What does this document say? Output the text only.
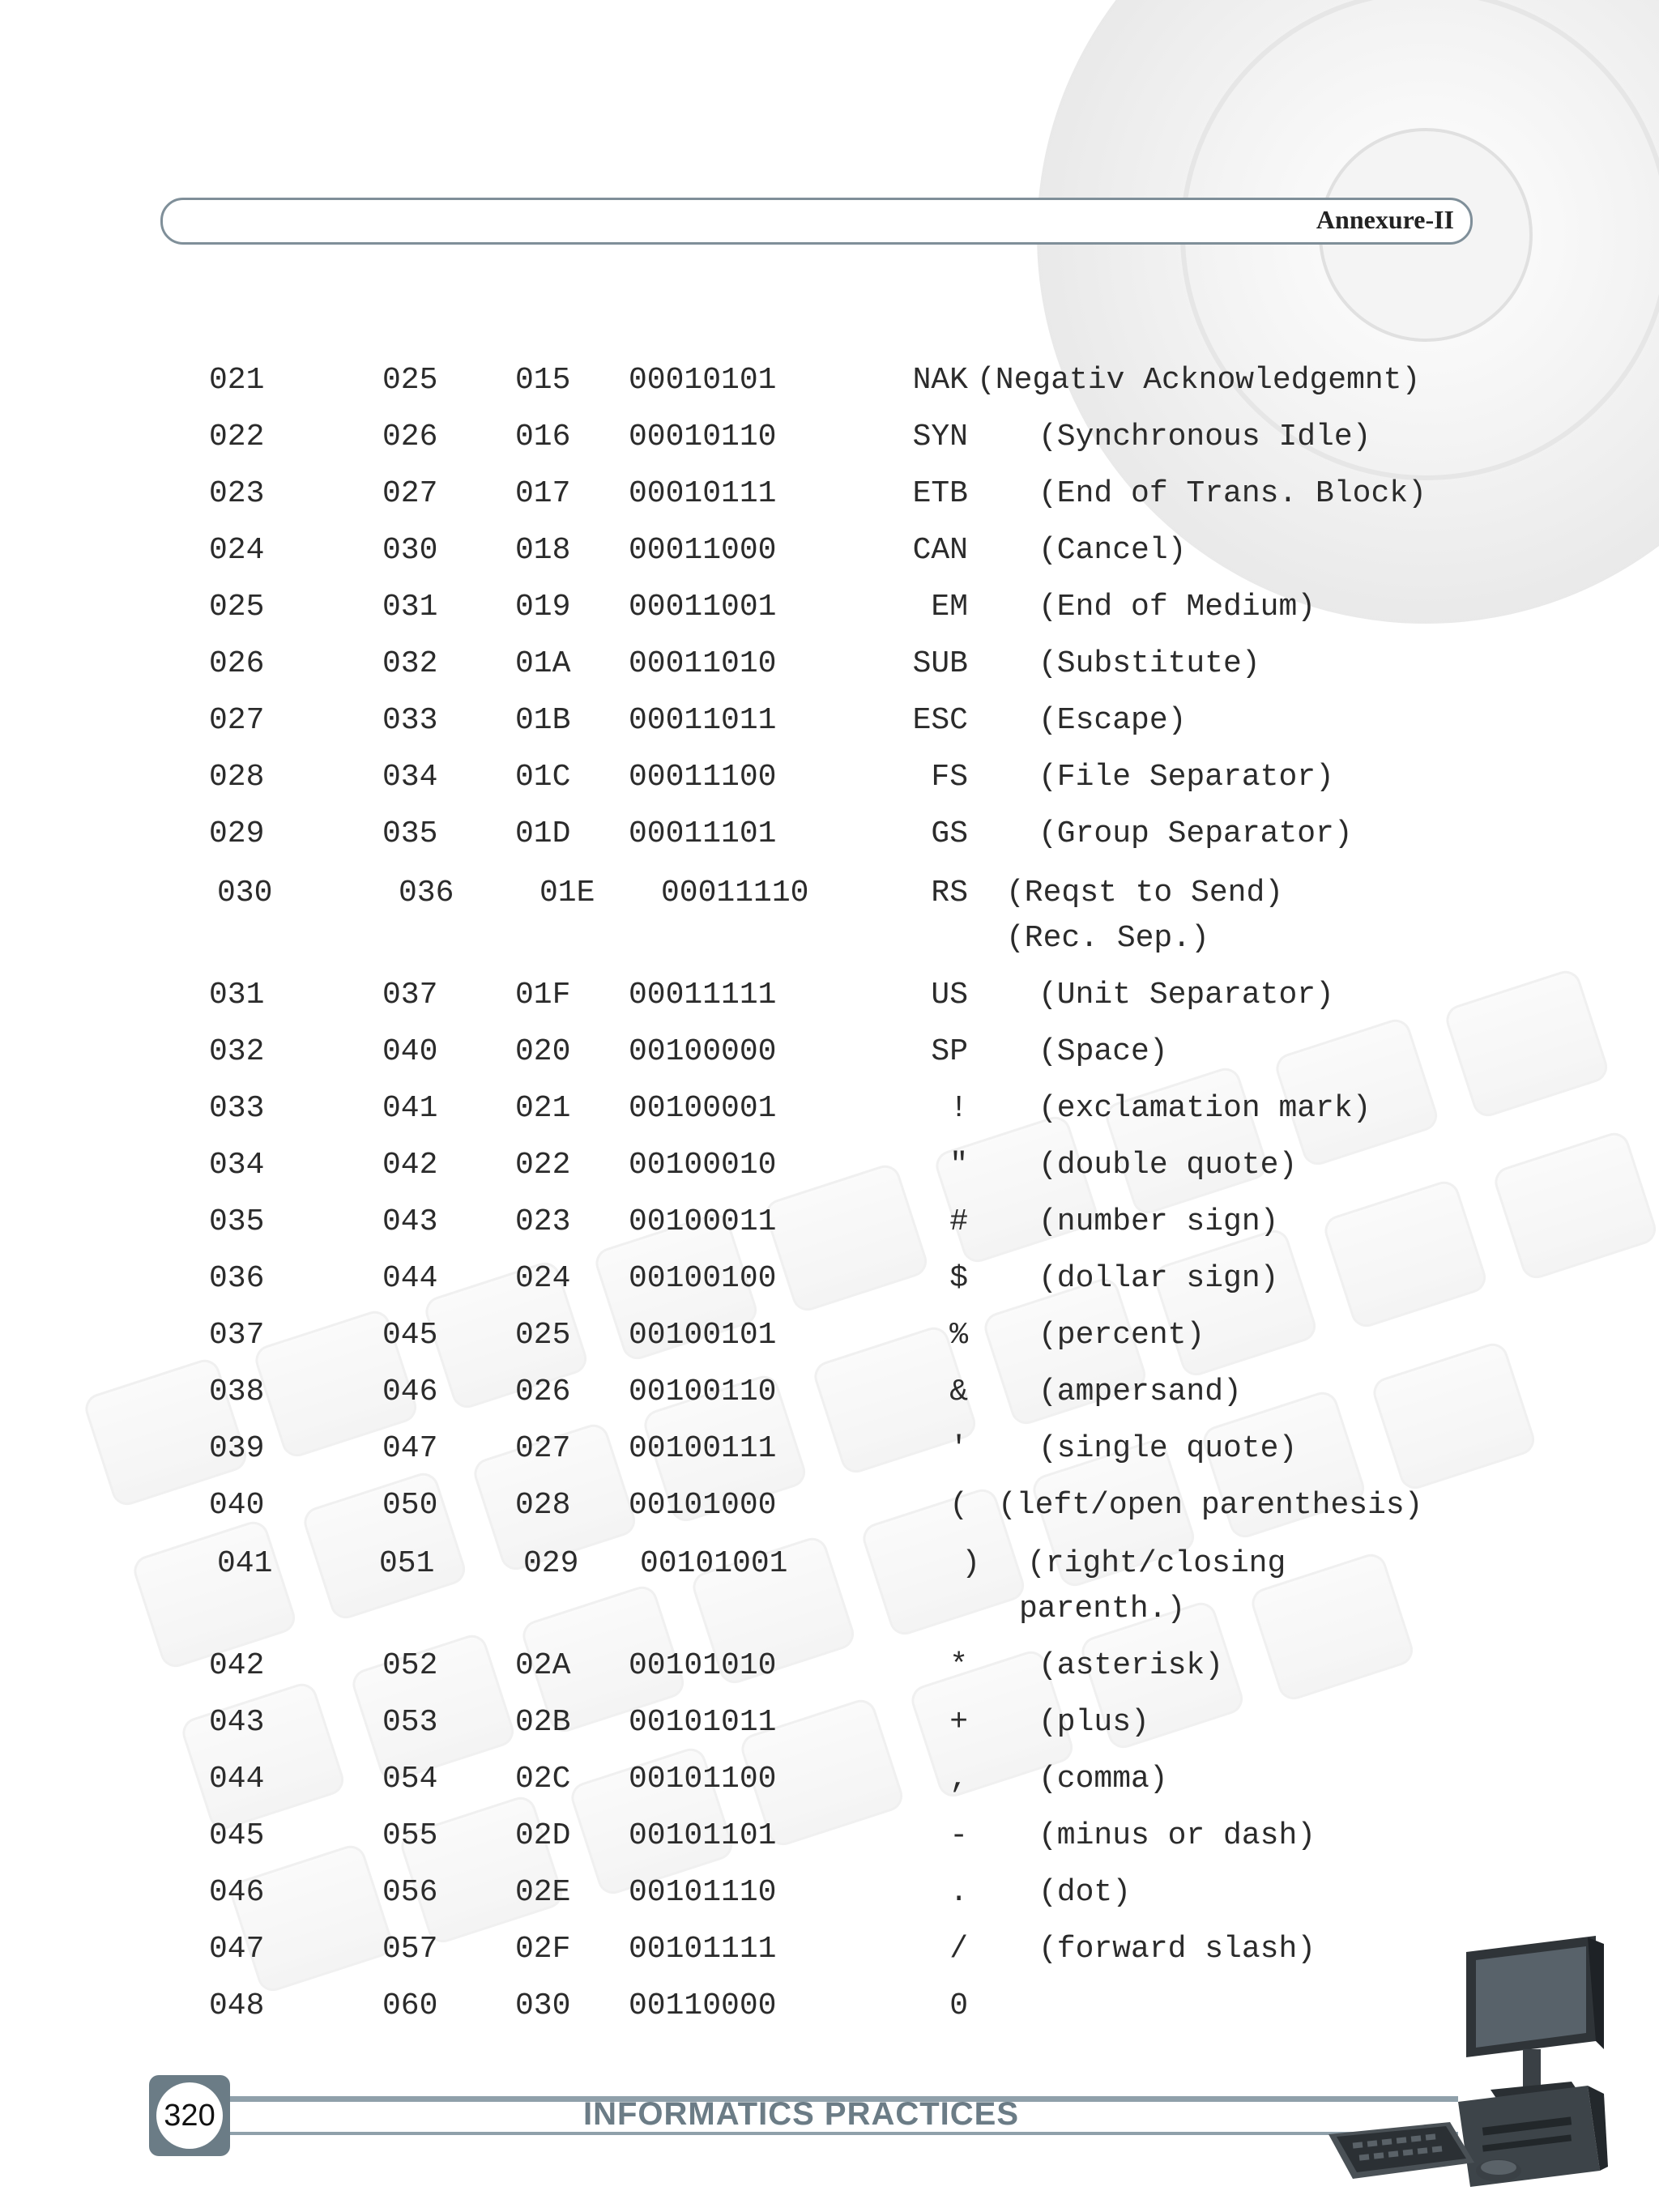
Annexure-II
021	025	015 00010101	NAK (Negativ Acknowledgemnt)
022	026	016 00010110	SYN (Synchronous Idle)
023	027	017 00010111	ETB (End of Trans. Block)
024	030	018 00011000	CAN (Cancel)
025	031	019 00011001	EM (End of Medium)
026	032	01A 00011010	SUB (Substitute)
027	033	01B 00011011	ESC (Escape)
028	034	01C 00011100	FS (File Separator)
029	035	01D 00011101	GS (Group Separator)
030	036	01E 00011110	RS (Reqst to Send)
(Rec. Sep.)
031	037	01F 00011111	US (Unit Separator)
032	040	020 00100000	SP (Space)
033	041	021 00100001	! (exclamation mark)
034	042	022 00100010	" (double quote)
035	043	023 00100011	# (number sign)
036	044	024 00100100	$ (dollar sign)
037	045	025 00100101	% (percent)
038	046	026 00100110	& (ampersand)
039	047	027 00100111	' (single quote)
040	050	028 00101000	( (left/open parenthesis)
041	051	029 00101001	) (right/closing
parenth.)
042	052	02A 00101010	* (asterisk)
043	053	02B 00101011	+ (plus)
044	054	02C 00101100	, (comma)
045	055	02D 00101101	- (minus or dash)
046	056	02E 00101110	. (dot)
047	057	02F 00101111	/ (forward slash)
048	060	030 00110000	0
320	INFORMATICS PRACTICES
